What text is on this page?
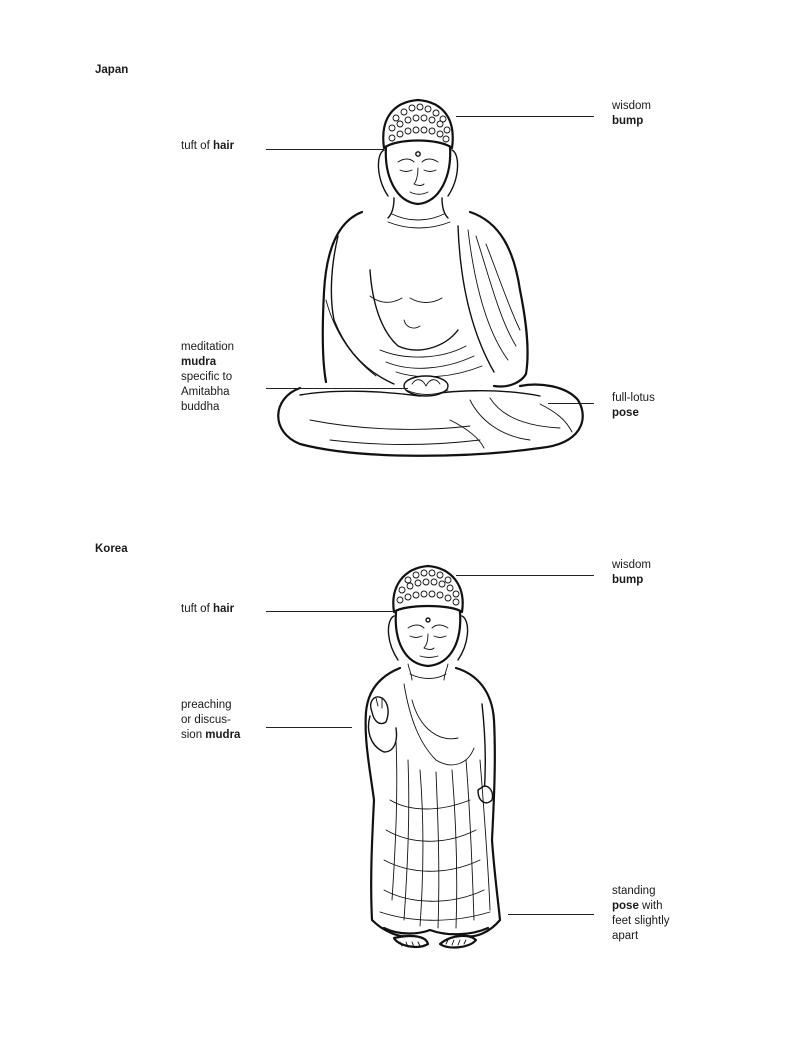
Japan

wisdom
bump

tuft of hair

meditation
mudra
specific to
Amitabha
buddha

full-lotus
pose

Korea

wisdom
bump

tuft of hair

preaching
or discus-
sion mudra

standing
pose with
feet slightly
apart
